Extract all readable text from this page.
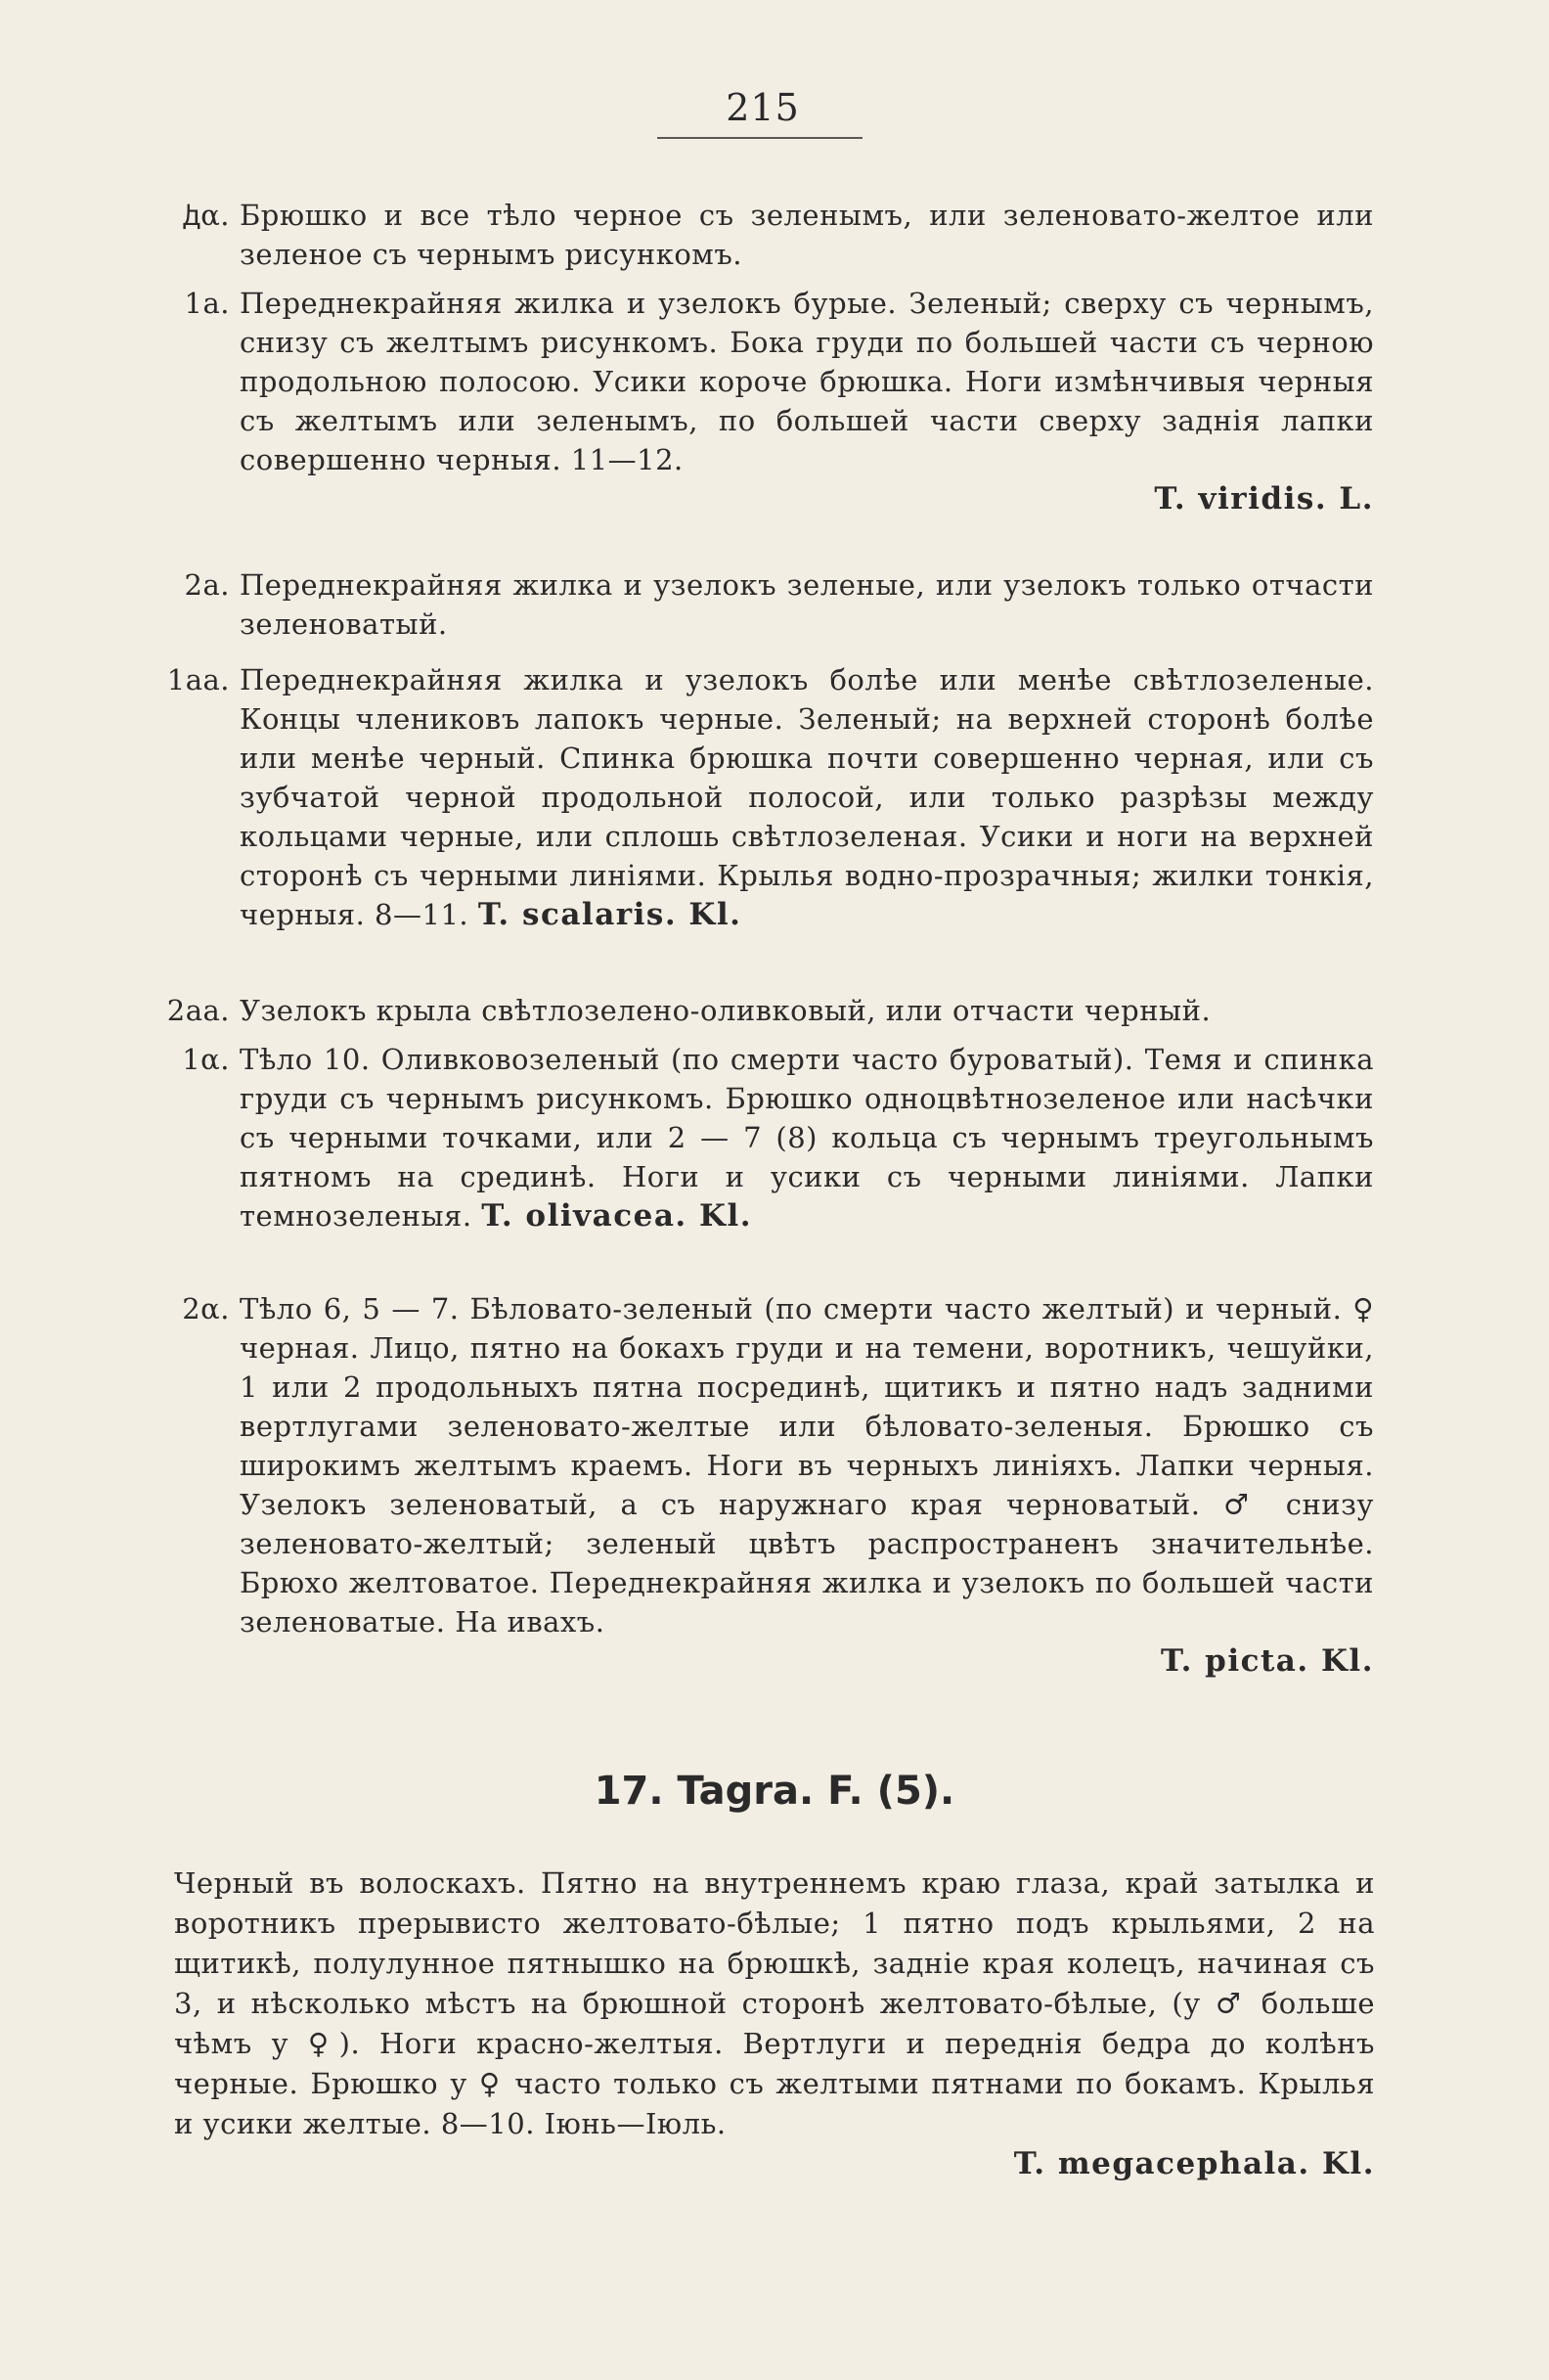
215
ꚁα. Брюшко и все тѣло черное съ зеленымъ, или зеленовато-желтое или зеленое съ чернымъ рисункомъ.
1a. Переднекрайняя жилка и узелокъ бурые. Зеленый; сверху съ чернымъ, снизу съ желтымъ рисункомъ. Бока груди по большей части съ черною продольною полосою. Усики короче брюшка. Ноги измѣнчивыя черныя съ желтымъ или зеленымъ, по большей части сверху заднія лапки совершенно черныя. 11—12.
T. viridis. L.
2a. Переднекрайняя жилка и узелокъ зеленые, или узелокъ только отчасти зеленоватый.
1aa. Переднекрайняя жилка и узелокъ болѣе или менѣе свѣтлозеленые. Концы члениковъ лапокъ черные. Зеленый; на верхней сторонѣ болѣе или менѣе черный. Спинка брюшка почти совершенно черная, или съ зубчатой черной продольной полосой, или только разрѣзы между кольцами черные, или сплошь свѣтлозеленая. Усики и ноги на верхней сторонѣ съ черными линіями. Крылья водно-прозрачныя; жилки тонкія, черныя. 8—11. T. scalaris. Kl.
2aa. Узелокъ крыла свѣтлозелено-оливковый, или отчасти черный.
1α. Тѣло 10. Оливковозеленый (по смерти часто буроватый). Темя и спинка груди съ чернымъ рисункомъ. Брюшко одноцвѣтнозеленое или насѣчки съ черными точками, или 2 — 7 (8) кольца съ чернымъ треугольнымъ пятномъ на срединѣ. Ноги и усики съ черными линіями. Лапки темнозеленыя. T. olivacea. Kl.
2α. Тѣло 6, 5 — 7. Бѣловато-зеленый (по смерти часто желтый) и черный. ♀ черная. Лицо, пятно на бокахъ груди и на темени, воротникъ, чешуйки, 1 или 2 продольныхъ пятна посрединѣ, щитикъ и пятно надъ задними вертлугами зеленовато-желтые или бѣловато-зеленыя. Брюшко съ широкимъ желтымъ краемъ. Ноги въ черныхъ линіяхъ. Лапки черныя. Узелокъ зеленоватый, а съ наружнаго края черноватый. ♂ снизу зеленовато-желтый; зеленый цвѣтъ распространенъ значительнѣе. Брюхо желтоватое. Переднекрайняя жилка и узелокъ по большей части зеленоватые. На ивахъ.
T. picta. Kl.
17. Tagra. F. (5).
Черный въ волоскахъ. Пятно на внутреннемъ краю глаза, край затылка и воротникъ прерывисто желтовато-бѣлые; 1 пятно подъ крыльями, 2 на щитикѣ, полулунное пятнышко на брюшкѣ, задніе края колецъ, начиная съ 3, и нѣсколько мѣстъ на брюшной сторонѣ желтовато-бѣлые, (у ♂ больше чѣмъ у ♀). Ноги красно-желтыя. Вертлуги и переднія бедра до колѣнъ черные. Брюшко у ♀ часто только съ желтыми пятнами по бокамъ. Крылья и усики желтые. 8—10. Іюнь—Іюль.
T. megacephala. Kl.
